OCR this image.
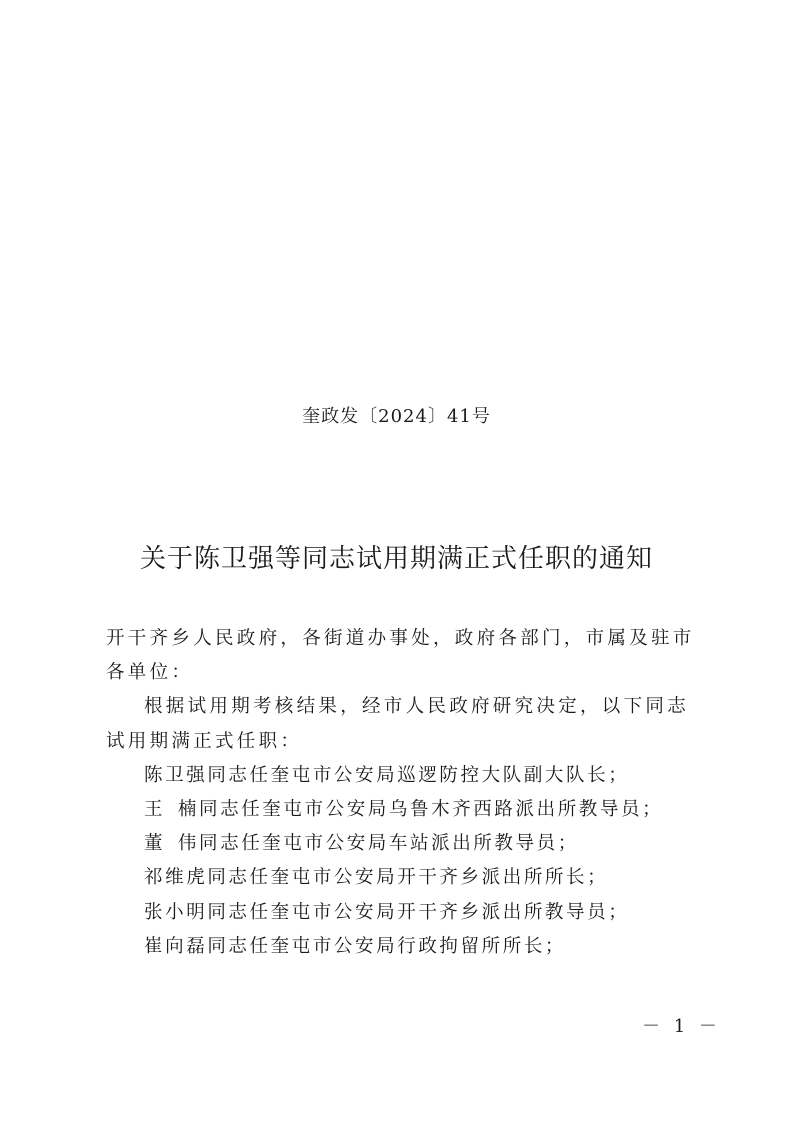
奎政发〔2024〕41号
关于陈卫强等同志试用期满正式任职的通知

开干齐乡人民政府，各街道办事处，政府各部门，市属及驻市各单位：

根据试用期考核结果，经市人民政府研究决定，以下同志试用期满正式任职：

陈卫强同志任奎屯市公安局巡逻防控大队副大队长；

王 楠 同志任奎屯市公安局乌鲁木齐西路派出所教导员；

董 伟 同志任奎屯市公安局车站派出所教导员；

祁维虎同志任奎屯市公安局开干齐乡派出所所长；

张小明同志任奎屯市公安局开干齐乡派出所教导员；

崔向磊同志任奎屯市公安局行政拘留所所长；

－ 1 －
